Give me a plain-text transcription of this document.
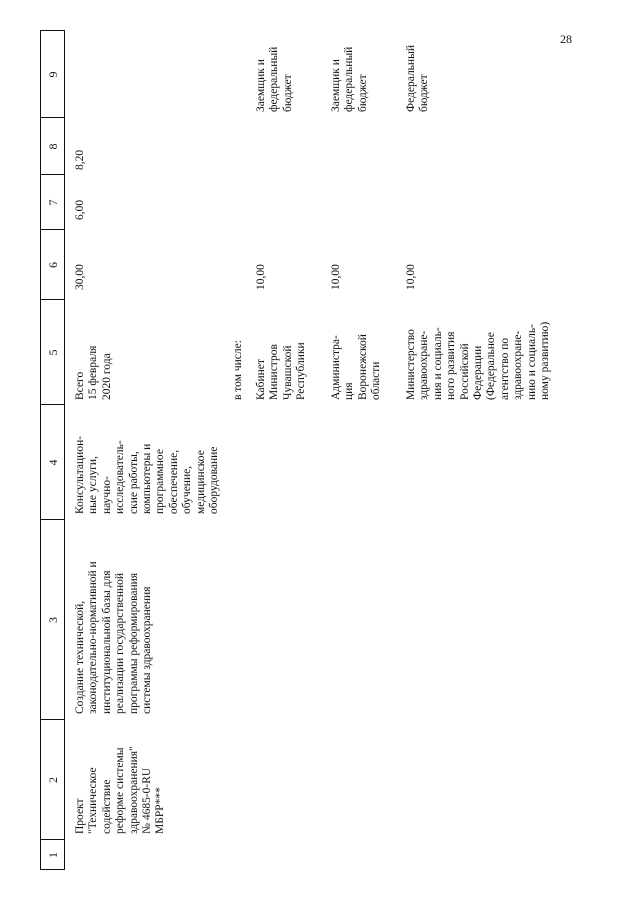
28
1
2
3
4
5
6
7
8
9
Проект
"Техническое
содействие
реформе системы
здравоохранения"
№ 4685-0-RU
МБРР***
Создание технической,
законодательно-нормативной и
институциональной базы для
реализации государственной
программы реформирования
системы здравоохранения
Консультацион-
ные услуги,
научно-
исследователь-
ские работы,
компьютеры и
программное
обеспечение,
обучение,
медицинское
оборудование
Всего
15 февраля
2020 года
30,00
6,00
8,20
в том числе: Кабинет
Министров
Чувашской
Республики
10,00
Заемщик и
федеральный
бюджет
Администра-
ция
Воронежской
области
10,00
Заемщик и
федеральный
бюджет
Министерство
здравоохране-
ния и социаль-
ного развития
Российской
Федерации
(Федеральное
агентство по
здравоохране-
нию и социаль-
ному развитию)
10,00
Федеральный
бюджет
